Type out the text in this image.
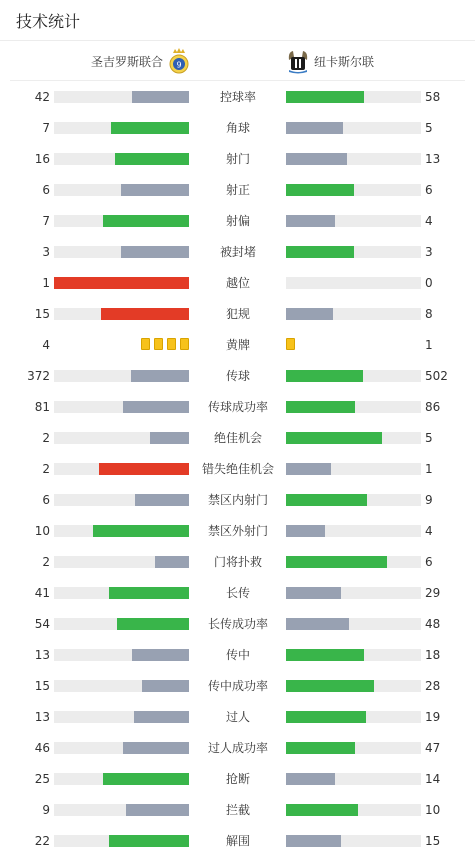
技术统计
圣吉罗斯联合 9	纽卡斯尔联
42	控球率	58
7	角球	5
16	射门	13
6	射正	6
7	射偏	4
3	被封堵	3
1	越位	0
15	犯规	8
4	黄牌	1
372	传球	502
81	传球成功率	86
2	绝佳机会	5
2	错失绝佳机会	1
6	禁区内射门	9
10	禁区外射门	4
2	门将扑救	6
41	长传	29
54	长传成功率	48
13	传中	18
15	传中成功率	28
13	过人	19
46	过人成功率	47
25	抢断	14
9	拦截	10
22	解围	15
